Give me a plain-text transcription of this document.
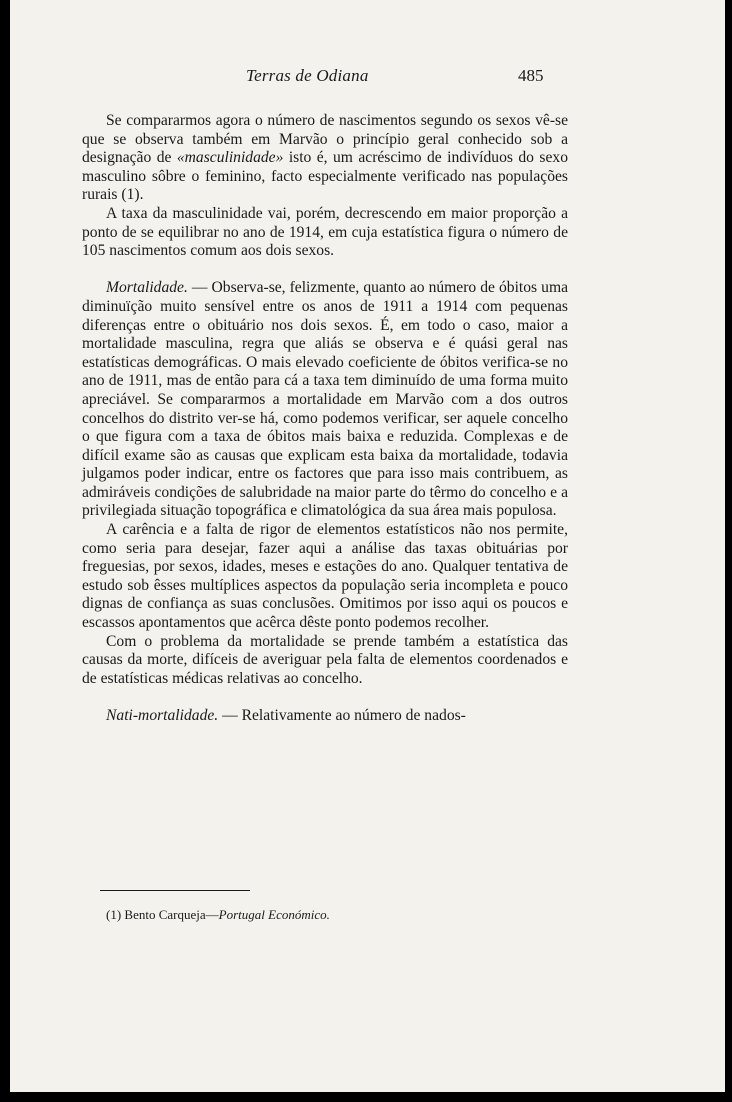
Terras de Odiana	485

Se compararmos agora o número de nascimentos segundo os sexos vê-se que se observa também em Marvão o princípio geral conhecido sob a designação de «masculinidade» isto é, um acréscimo de indivíduos do sexo masculino sôbre o feminino, facto especialmente verificado nas populações rurais (1).

A taxa da masculinidade vai, porém, decrescendo em maior proporção a ponto de se equilibrar no ano de 1914, em cuja estatística figura o número de 105 nascimentos comum aos dois sexos.

Mortalidade. — Observa-se, felizmente, quanto ao número de óbitos uma diminuïção muito sensível entre os anos de 1911 a 1914 com pequenas diferenças entre o obituário nos dois sexos. É, em todo o caso, maior a mortalidade masculina, regra que aliás se observa e é quási geral nas estatísticas demográficas. O mais elevado coeficiente de óbitos verifica-se no ano de 1911, mas de então para cá a taxa tem diminuído de uma forma muito apreciável. Se compararmos a mortalidade em Marvão com a dos outros concelhos do distrito ver-se há, como podemos verificar, ser aquele concelho o que figura com a taxa de óbitos mais baixa e reduzida. Complexas e de difícil exame são as causas que explicam esta baixa da mortalidade, todavia julgamos poder indicar, entre os factores que para isso mais contribuem, as admiráveis condições de salubridade na maior parte do têrmo do concelho e a privilegiada situação topográfica e climatológica da sua área mais populosa.

A carência e a falta de rigor de elementos estatísticos não nos permite, como seria para desejar, fazer aqui a análise das taxas obituárias por freguesias, por sexos, idades, meses e estações do ano. Qualquer tentativa de estudo sob êsses multíplices aspectos da população seria incompleta e pouco dignas de confiança as suas conclusões. Omitimos por isso aqui os poucos e escassos apontamentos que acêrca dêste ponto podemos recolher.

Com o problema da mortalidade se prende também a estatística das causas da morte, difíceis de averiguar pela falta de elementos coordenados e de estatísticas médicas relativas ao concelho.

Nati-mortalidade. — Relativamente ao número de nados-

(1) Bento Carqueja—Portugal Económico.
